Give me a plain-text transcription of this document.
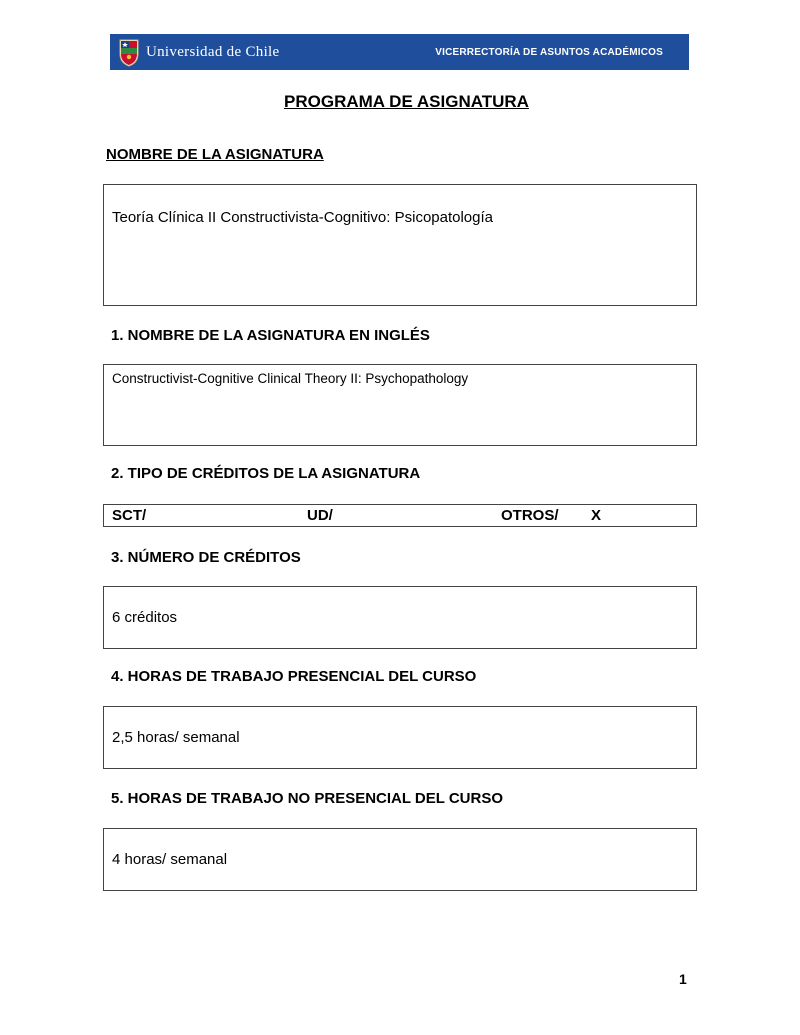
Universidad de Chile	VICERRECTORÍA DE ASUNTOS ACADÉMICOS
PROGRAMA DE ASIGNATURA
NOMBRE DE LA ASIGNATURA
Teoría Clínica II Constructivista-Cognitivo: Psicopatología
1. NOMBRE DE LA ASIGNATURA EN INGLÉS
Constructivist-Cognitive Clinical Theory II: Psychopathology
2. TIPO DE CRÉDITOS DE LA ASIGNATURA
SCT/	UD/	OTROS/ X
3. NÚMERO DE CRÉDITOS
6 créditos
4. HORAS DE TRABAJO PRESENCIAL DEL CURSO
2,5 horas/ semanal
5. HORAS DE TRABAJO NO PRESENCIAL DEL CURSO
4 horas/ semanal
1
